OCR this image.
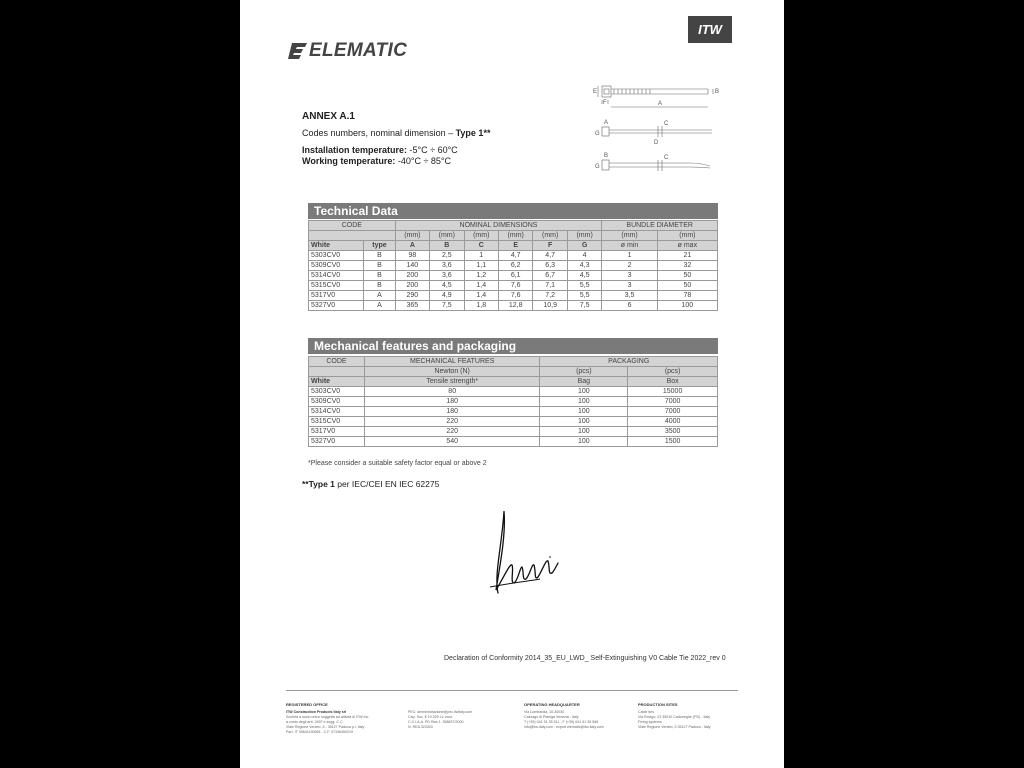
ELEMATIC
ITW
ANNEX A.1
Codes numbers, nominal dimension – Type 1**
Installation temperature: -5°C ÷ 60°C
Working temperature: -40°C ÷ 85°C
E	B
F	A
A	C
G
D
B	C
G
Technical Data
CODE		NOMINAL DIMENSIONS						BUNDLE DIAMETER	
		(mm)	(mm)	(mm)	(mm)	(mm)	(mm)	(mm)	(mm)
White	type	A	B	C	E	F	G	ø min	ø max
5303CV0	B	98	2,5	1	4,7	4,7	4	1	21
5309CV0	B	140	3,6	1,1	6,2	6,3	4,3	2	32
5314CV0	B	200	3,6	1,2	6,1	6,7	4,5	3	50
5315CV0	B	200	4,5	1,4	7,6	7,1	5,5	3	50
5317V0	A	290	4,9	1,4	7,6	7,2	5,5	3,5	78
5327V0	A	365	7,5	1,8	12,8	10,9	7,5	6	100
Mechanical features and packaging
CODE	MECHANICAL FEATURES	PACKAGING	
	Newton (N)	(pcs)	(pcs)
White	Tensile strength*	Bag	Box
5303CV0	80	100	15000
5309CV0	180	100	7000
5314CV0	180	100	7000
5315CV0	220	100	4000
5317V0	220	100	3500
5327V0	540	100	1500
*Please consider a suitable safety factor equal or above 2
**Type 1 per IEC/CEI EN IEC 62275
Declaration of Conformity 2014_35_EU_LWD_ Self-Extinguishing V0 Cable Tie 2022_rev 0
REGISTERED OFFICE
ITW Construction Products Italy srl
Società a socio unico soggetta ad attività di ITW Inc.
a conto degli artt. 2497 e segg. C.C.
Viale Regione Veneto, 5 - 35127 Padova p.i. Italy
Part. IT 05641190265 - C.F. 07336450219
PEC: amministrazione@pec.itwitaly.com
Cap. Soc. € 10.329 i.v. euro
C.C.I.A.A. PD Rea 1. 358837/2000
N. REA 323303
OPERATING HEADQUARTER
Via Lombardia, 10-30030
Cazzago di Pianiga Venezia - Italy
T (+39) 041 51 35 511 - F (+39) 041 51 35 566
info@itw-italy.com - export.elematic@itw-italy.com
PRODUCTION SITES
Cable ties
Via Rovigo, 23 35010 Cadoneghe (PD) - Italy
Fixing systems
Viale Regione Veneto, 5 35127 Padova - Italy
